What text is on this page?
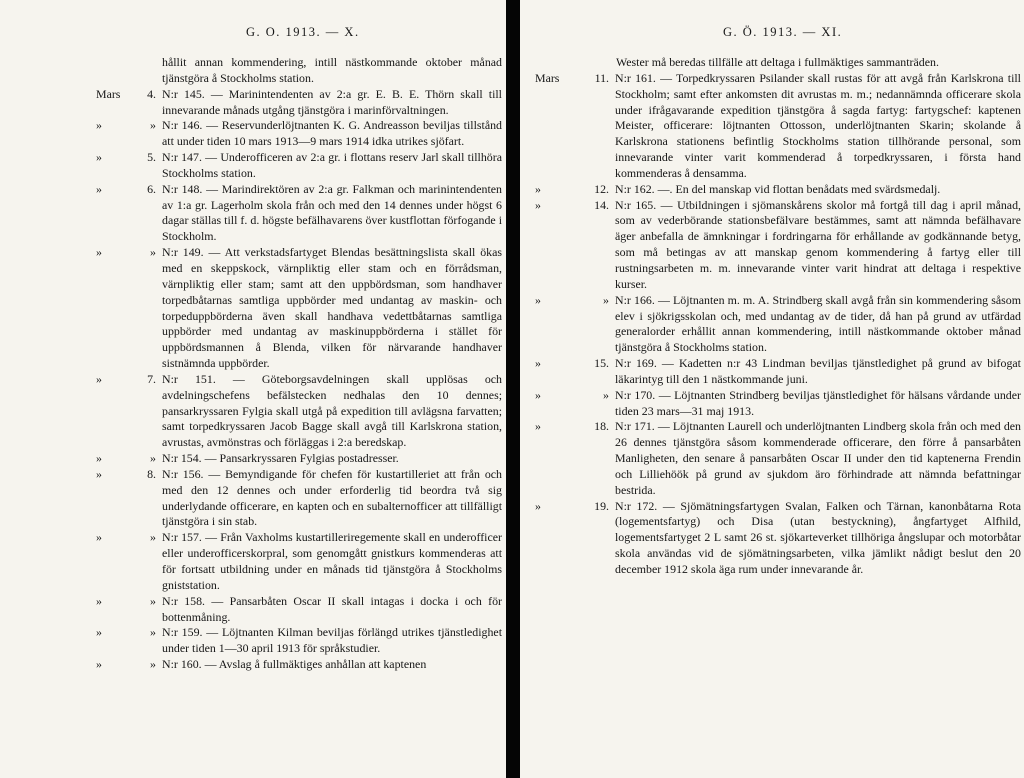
G. O. 1913. — X.
hållit annan kommendering, intill nästkommande oktober månad tjänstgöra å Stockholms station.
Mars	4. N:r 145. — Marinintendenten av 2:a gr. E. B. E. Thörn skall till innevarande månads utgång tjänstgöra i marinförvaltningen.
»	» N:r 146. — Reservunderlöjtnanten K. G. Andreasson beviljas tillstånd att under tiden 10 mars 1913—9 mars 1914 idka utrikes sjöfart.
»	5. N:r 147. — Underofficeren av 2:a gr. i flottans reserv Jarl skall tillhöra Stockholms station.
»	6. N:r 148. — Marindirektören av 2:a gr. Falkman och marinintendenten av 1:a gr. Lagerholm skola från och med den 14 dennes under högst 6 dagar ställas till f. d. högste befälhavarens över kustflottan förfogande i Stockholm.
»	» N:r 149. — Att verkstadsfartyget Blendas besättningslista skall ökas med en skeppskock, värnpliktig eller stam och en förrådsman, värnpliktig eller stam; samt att den uppbördsman, som handhaver torpedbåtarnas samtliga uppbörder med undantag av maskin- och torpeduppbörderna även skall handhava vedettbåtarnas samtliga uppbörder med undantag av maskinuppbörderna i stället för uppbördsmannen å Blenda, vilken för närvarande handhaver sistnämnda uppbörder.
»	7. N:r 151. — Göteborgsavdelningen skall upplösas och avdelningschefens befälstecken nedhalas den 10 dennes; pansarkryssaren Fylgia skall utgå på expedition till avlägsna farvatten; samt torpedkryssaren Jacob Bagge skall avgå till Karlskrona station, avrustas, avmönstras och förläggas i 2:a beredskap.
»	» N:r 154. — Pansarkryssaren Fylgias postadresser.
»	8. N:r 156. — Bemyndigande för chefen för kustartilleriet att från och med den 12 dennes och under erforderlig tid beordra två sig underlydande officerare, en kapten och en subalternofficer att tillfälligt tjänstgöra i sin stab.
»	» N:r 157. — Från Vaxholms kustartilleriregemente skall en underofficer eller underofficerskorpral, som genomgått gnistkurs kommenderas att för fortsatt utbildning under en månads tid tjänstgöra å Stockholms gniststation.
»	» N:r 158. — Pansarbåten Oscar II skall intagas i docka i och för bottenmåning.
»	» N:r 159. — Löjtnanten Kilman beviljas förlängd utrikes tjänstledighet under tiden 1—30 april 1913 för språkstudier.
»	» N:r 160. — Avslag å fullmäktiges anhållan att kaptenen
G. Ö. 1913. — XI.
Wester må beredas tillfälle att deltaga i fullmäktiges sammanträden.
Mars	11. N:r 161. — Torpedkryssaren Psilander skall rustas för att avgå från Karlskrona till Stockholm; samt efter ankomsten dit avrustas m. m.; nedannämnda officerare skola under ifrågavarande expedition tjänstgöra å sagda fartyg: fartygschef: kaptenen Meister, officerare: löjtnanten Ottosson, underlöjtnanten Skarin; skolande å Karlskrona stationens befintlig Stockholms station tillhörande personal, som innevarande vinter varit kommenderad å torpedkryssaren, i första hand kommenderas å densamma.
»	12. N:r 162. —. En del manskap vid flottan benådats med svärdsmedalj.
»	14. N:r 165. — Utbildningen i sjömanskårens skolor må fortgå till dag i april månad, som av vederbörande stationsbefälvare bestämmes, samt att nämnda befälhavare äger anbefalla de ämnkningar i fordringarna för erhållande av godkännande betyg, som må betingas av att manskap genom kommendering å fartyg eller till rustningsarbeten m. m. innevarande vinter varit hindrat att deltaga i respektive kurser.
»	» N:r 166. — Löjtnanten m. m. A. Strindberg skall avgå från sin kommendering såsom elev i sjökrigsskolan och, med undantag av de tider, då han på grund av utfärdad generalorder erhållit annan kommendering, intill nästkommande oktober månad tjänstgöra å Stockholms station.
»	15. N:r 169. — Kadetten n:r 43 Lindman beviljas tjänstledighet på grund av bifogat läkarintyg till den 1 nästkommande juni.
»	» N:r 170. — Löjtnanten Strindberg beviljas tjänstledighet för hälsans vårdande under tiden 23 mars—31 maj 1913.
»	18. N:r 171. — Löjtnanten Laurell och underlöjtnanten Lindberg skola från och med den 26 dennes tjänstgöra såsom kommenderade officerare, den förre å pansarbåten Manligheten, den senare å pansarbåten Oscar II under den tid kaptenerna Frendin och Lilliehöök på grund av sjukdom äro förhindrade att nämnda befattningar bestrida.
»	19. N:r 172. — Sjömätningsfartygen Svalan, Falken och Tärnan, kanonbåtarna Rota (logementsfartyg) och Disa (utan bestyckning), ångfartyget Alfhild, logementsfartyget 2 L samt 26 st. sjökarteverket tillhöriga ångslupar och motorbåtar skola användas vid de sjömätningsarbeten, vilka jämlikt nådigt beslut den 20 december 1912 skola äga rum under innevarande år.
